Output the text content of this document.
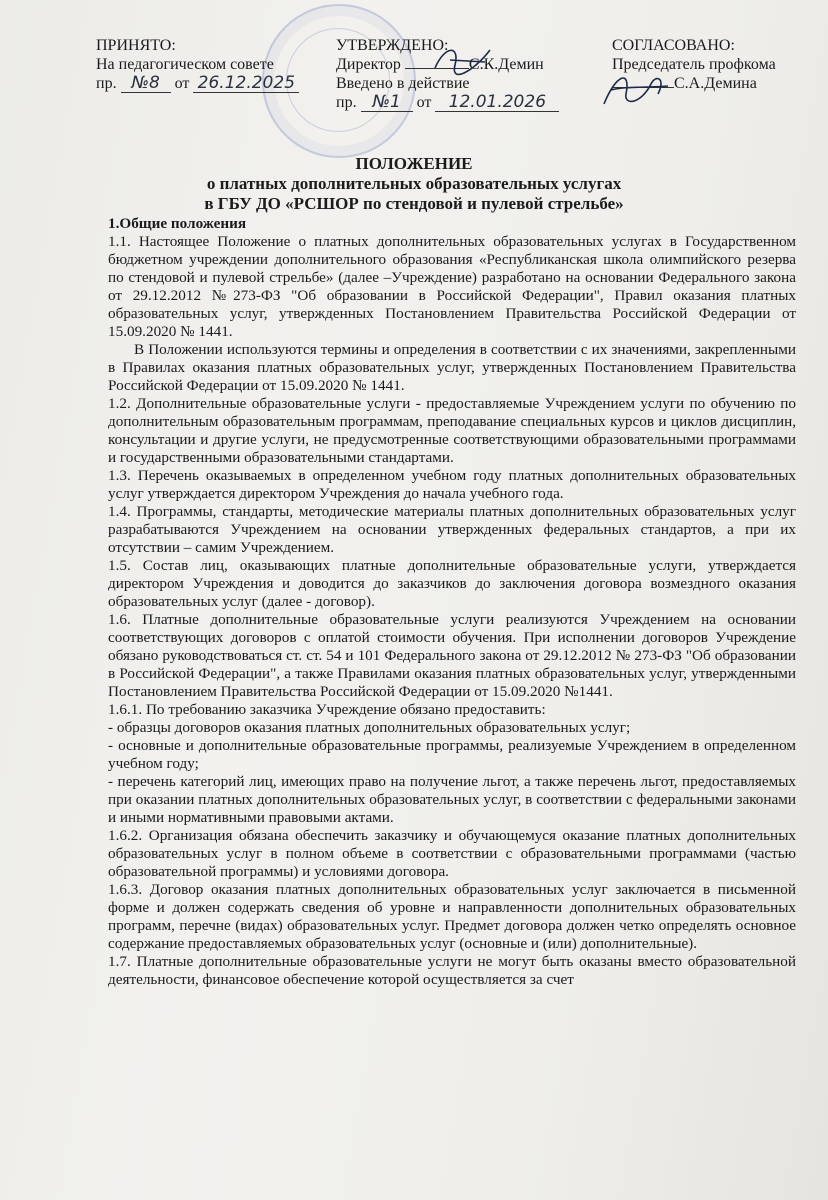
ПРИНЯТО:
На педагогическом совете
пр. №8 от 26.12.2025
УТВЕРЖДЕНО:
Директор	С.К.Демин
Введено в действие
пр. №1 от 12.01.2026
СОГЛАСОВАНО:
Председатель профкома
С.А.Демина
ПОЛОЖЕНИЕ
о платных дополнительных образовательных услугах
в ГБУ ДО «РСШОР по стендовой и пулевой стрельбе»

1.Общие положения

1.1. Настоящее Положение о платных дополнительных образовательных услугах в Государственном бюджетном учреждении дополнительного образования «Республиканская школа олимпийского резерва по стендовой и пулевой стрельбе» (далее –Учреждение) разработано на основании Федерального закона от 29.12.2012 №273-ФЗ "Об образовании в Российской Федерации", Правил оказания платных образовательных услуг, утвержденных Постановлением Правительства Российской Федерации от 15.09.2020 № 1441.

В Положении используются термины и определения в соответствии с их значениями, закрепленными в Правилах оказания платных образовательных услуг, утвержденных Постановлением Правительства Российской Федерации от 15.09.2020 № 1441.

1.2. Дополнительные образовательные услуги - предоставляемые Учреждением услуги по обучению по дополнительным образовательным программам, преподавание специальных курсов и циклов дисциплин, консультации и другие услуги, не предусмотренные соответствующими образовательными программами и государственными образовательными стандартами.

1.3. Перечень оказываемых в определенном учебном году платных дополнительных образовательных услуг утверждается директором Учреждения до начала учебного года.

1.4. Программы, стандарты, методические материалы платных дополнительных образовательных услуг разрабатываются Учреждением на основании утвержденных федеральных стандартов, а при их отсутствии – самим Учреждением.

1.5. Состав лиц, оказывающих платные дополнительные образовательные услуги, утверждается директором Учреждения и доводится до заказчиков до заключения договора возмездного оказания образовательных услуг (далее - договор).

1.6. Платные дополнительные образовательные услуги реализуются Учреждением на основании соответствующих договоров с оплатой стоимости обучения. При исполнении договоров Учреждение обязано руководствоваться ст. ст. 54 и 101 Федерального закона от 29.12.2012 № 273-ФЗ "Об образовании в Российской Федерации", а также Правилами оказания платных образовательных услуг, утвержденными Постановлением Правительства Российской Федерации от 15.09.2020 №1441.

1.6.1. По требованию заказчика Учреждение обязано предоставить:

- образцы договоров оказания платных дополнительных образовательных услуг;

- основные и дополнительные образовательные программы, реализуемые Учреждением в определенном учебном году;

- перечень категорий лиц, имеющих право на получение льгот, а также перечень льгот, предоставляемых при оказании платных дополнительных образовательных услуг, в соответствии с федеральными законами и иными нормативными правовыми актами.

1.6.2. Организация обязана обеспечить заказчику и обучающемуся оказание платных дополнительных образовательных услуг в полном объеме в соответствии с образовательными программами (частью образовательной программы) и условиями договора.

1.6.3. Договор оказания платных дополнительных образовательных услуг заключается в письменной форме и должен содержать сведения об уровне и направленности дополнительных образовательных программ, перечне (видах) образовательных услуг. Предмет договора должен четко определять основное содержание предоставляемых образовательных услуг (основные и (или) дополнительные).

1.7. Платные дополнительные образовательные услуги не могут быть оказаны вместо образовательной деятельности, финансовое обеспечение которой осуществляется за счет
